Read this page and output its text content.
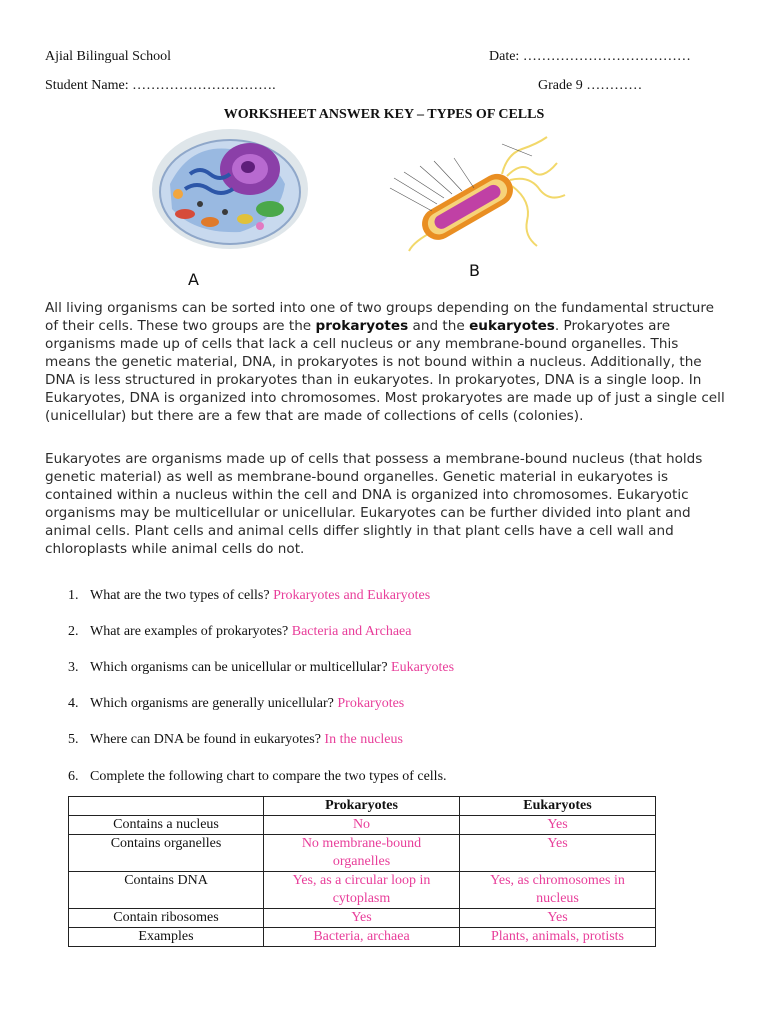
Ajial Bilingual School	Date: ………………………………
Student Name: ………………………….	Grade 9 …………
WORKSHEET ANSWER KEY – TYPES OF CELLS
A	B

All living organisms can be sorted into one of two groups depending on the fundamental structure of their cells. These two groups are the prokaryotes and the eukaryotes. Prokaryotes are organisms made up of cells that lack a cell nucleus or any membrane-bound organelles. This means the genetic material, DNA, in prokaryotes is not bound within a nucleus. Additionally, the DNA is less structured in prokaryotes than in eukaryotes. In prokaryotes, DNA is a single loop. In Eukaryotes, DNA is organized into chromosomes. Most prokaryotes are made up of just a single cell (unicellular) but there are a few that are made of collections of cells (colonies).

Eukaryotes are organisms made up of cells that possess a membrane-bound nucleus (that holds genetic material) as well as membrane-bound organelles. Genetic material in eukaryotes is contained within a nucleus within the cell and DNA is organized into chromosomes. Eukaryotic organisms may be multicellular or unicellular. Eukaryotes can be further divided into plant and animal cells. Plant cells and animal cells differ slightly in that plant cells have a cell wall and chloroplasts while animal cells do not.

1. What are the two types of cells? Prokaryotes and Eukaryotes
2. What are examples of prokaryotes? Bacteria and Archaea
3. Which organisms can be unicellular or multicellular? Eukaryotes
4. Which organisms are generally unicellular? Prokaryotes
5. Where can DNA be found in eukaryotes? In the nucleus
6. Complete the following chart to compare the two types of cells.
	Prokaryotes	Eukaryotes
Contains a nucleus	No	Yes
Contains organelles	No membrane-bound organelles	Yes
Contains DNA	Yes, as a circular loop in cytoplasm	Yes, as chromosomes in nucleus
Contain ribosomes	Yes	Yes
Examples	Bacteria, archaea	Plants, animals, protists
